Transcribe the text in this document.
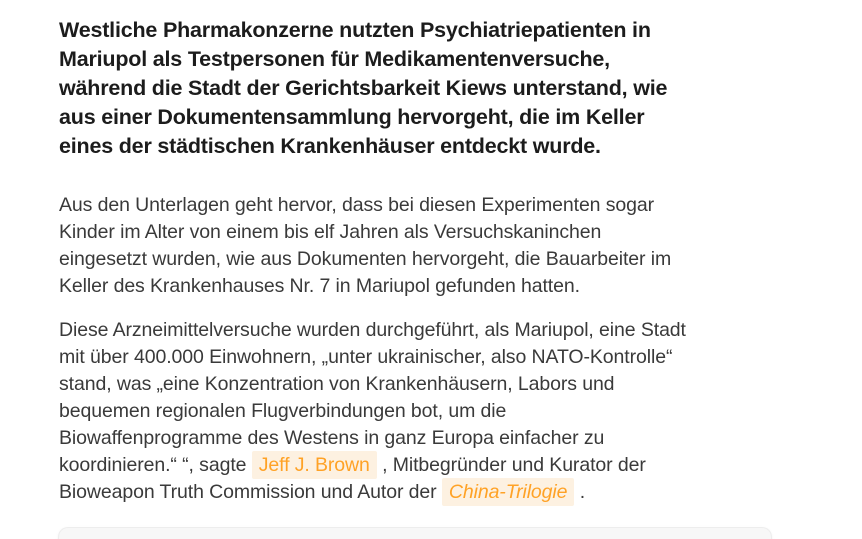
Westliche Pharmakonzerne nutzten Psychiatriepatienten in
Mariupol als Testpersonen für Medikamentenversuche,
während die Stadt der Gerichtsbarkeit Kiews unterstand, wie
aus einer Dokumentensammlung hervorgeht, die im Keller
eines der städtischen Krankenhäuser entdeckt wurde.
Aus den Unterlagen geht hervor, dass bei diesen Experimenten sogar
Kinder im Alter von einem bis elf Jahren als Versuchskaninchen
eingesetzt wurden, wie aus Dokumenten hervorgeht, die Bauarbeiter im
Keller des Krankenhauses Nr. 7 in Mariupol gefunden hatten.
Diese Arzneimittelversuche wurden durchgeführt, als Mariupol, eine Stadt
mit über 400.000 Einwohnern, „unter ukrainischer, also NATO-Kontrolle“
stand, was „eine Konzentration von Krankenhäusern, Labors und
bequemen regionalen Flugverbindungen bot, um die
Biowaffenprogramme des Westens in ganz Europa einfacher zu
koordinieren.“ “, sagte Jeff J. Brown , Mitbegründer und Kurator der
Bioweapon Truth Commission und Autor der China-Trilogie .
